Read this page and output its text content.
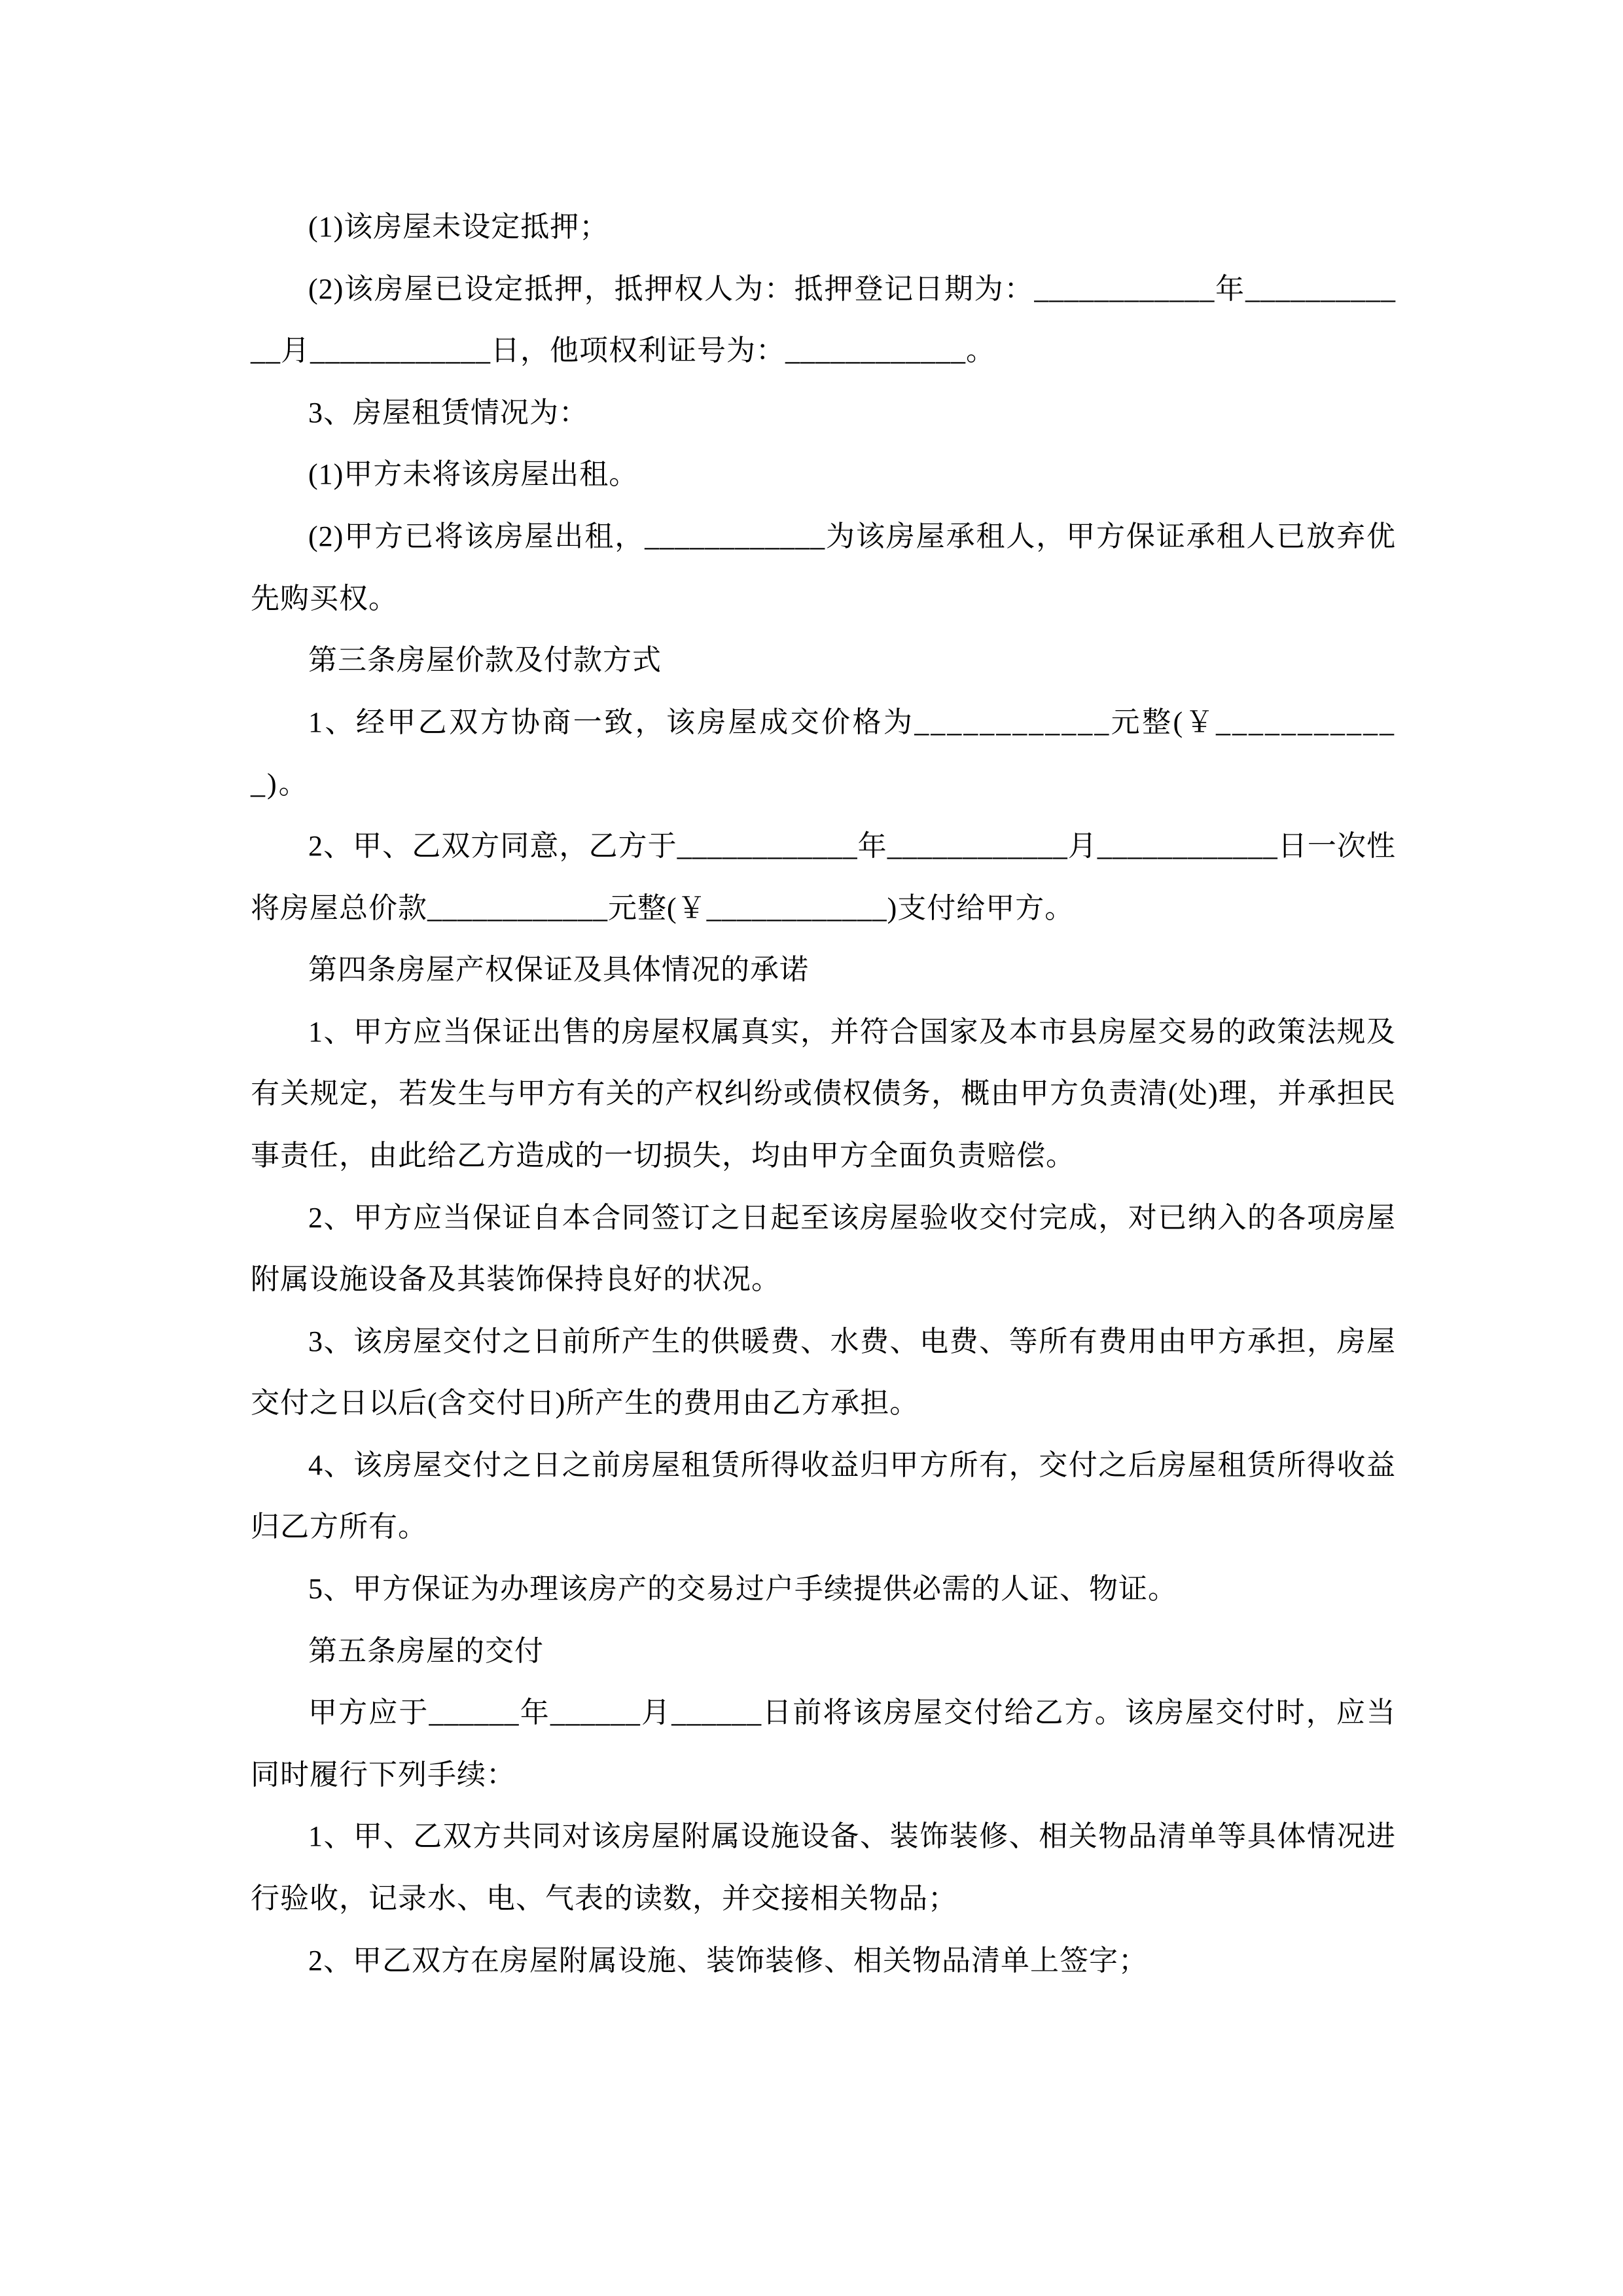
(1)该房屋未设定抵押；

(2)该房屋已设定抵押，抵押权人为：抵押登记日期为：____________年____________月____________日，他项权利证号为：____________。

3、房屋租赁情况为：

(1)甲方未将该房屋出租。

(2)甲方已将该房屋出租，____________为该房屋承租人，甲方保证承租人已放弃优先购买权。

第三条房屋价款及付款方式

1、经甲乙双方协商一致，该房屋成交价格为____________元整(￥____________)。

2、甲、乙双方同意，乙方于____________年____________月____________日一次性将房屋总价款____________元整(￥____________)支付给甲方。

第四条房屋产权保证及具体情况的承诺

1、甲方应当保证出售的房屋权属真实，并符合国家及本市县房屋交易的政策法规及有关规定，若发生与甲方有关的产权纠纷或债权债务，概由甲方负责清(处)理，并承担民事责任，由此给乙方造成的一切损失，均由甲方全面负责赔偿。

2、甲方应当保证自本合同签订之日起至该房屋验收交付完成，对已纳入的各项房屋附属设施设备及其装饰保持良好的状况。

3、该房屋交付之日前所产生的供暖费、水费、电费、等所有费用由甲方承担，房屋交付之日以后(含交付日)所产生的费用由乙方承担。

4、该房屋交付之日之前房屋租赁所得收益归甲方所有，交付之后房屋租赁所得收益归乙方所有。

5、甲方保证为办理该房产的交易过户手续提供必需的人证、物证。

第五条房屋的交付

甲方应于______年______月______日前将该房屋交付给乙方。该房屋交付时，应当同时履行下列手续：

1、甲、乙双方共同对该房屋附属设施设备、装饰装修、相关物品清单等具体情况进行验收，记录水、电、气表的读数，并交接相关物品；

2、甲乙双方在房屋附属设施、装饰装修、相关物品清单上签字；
